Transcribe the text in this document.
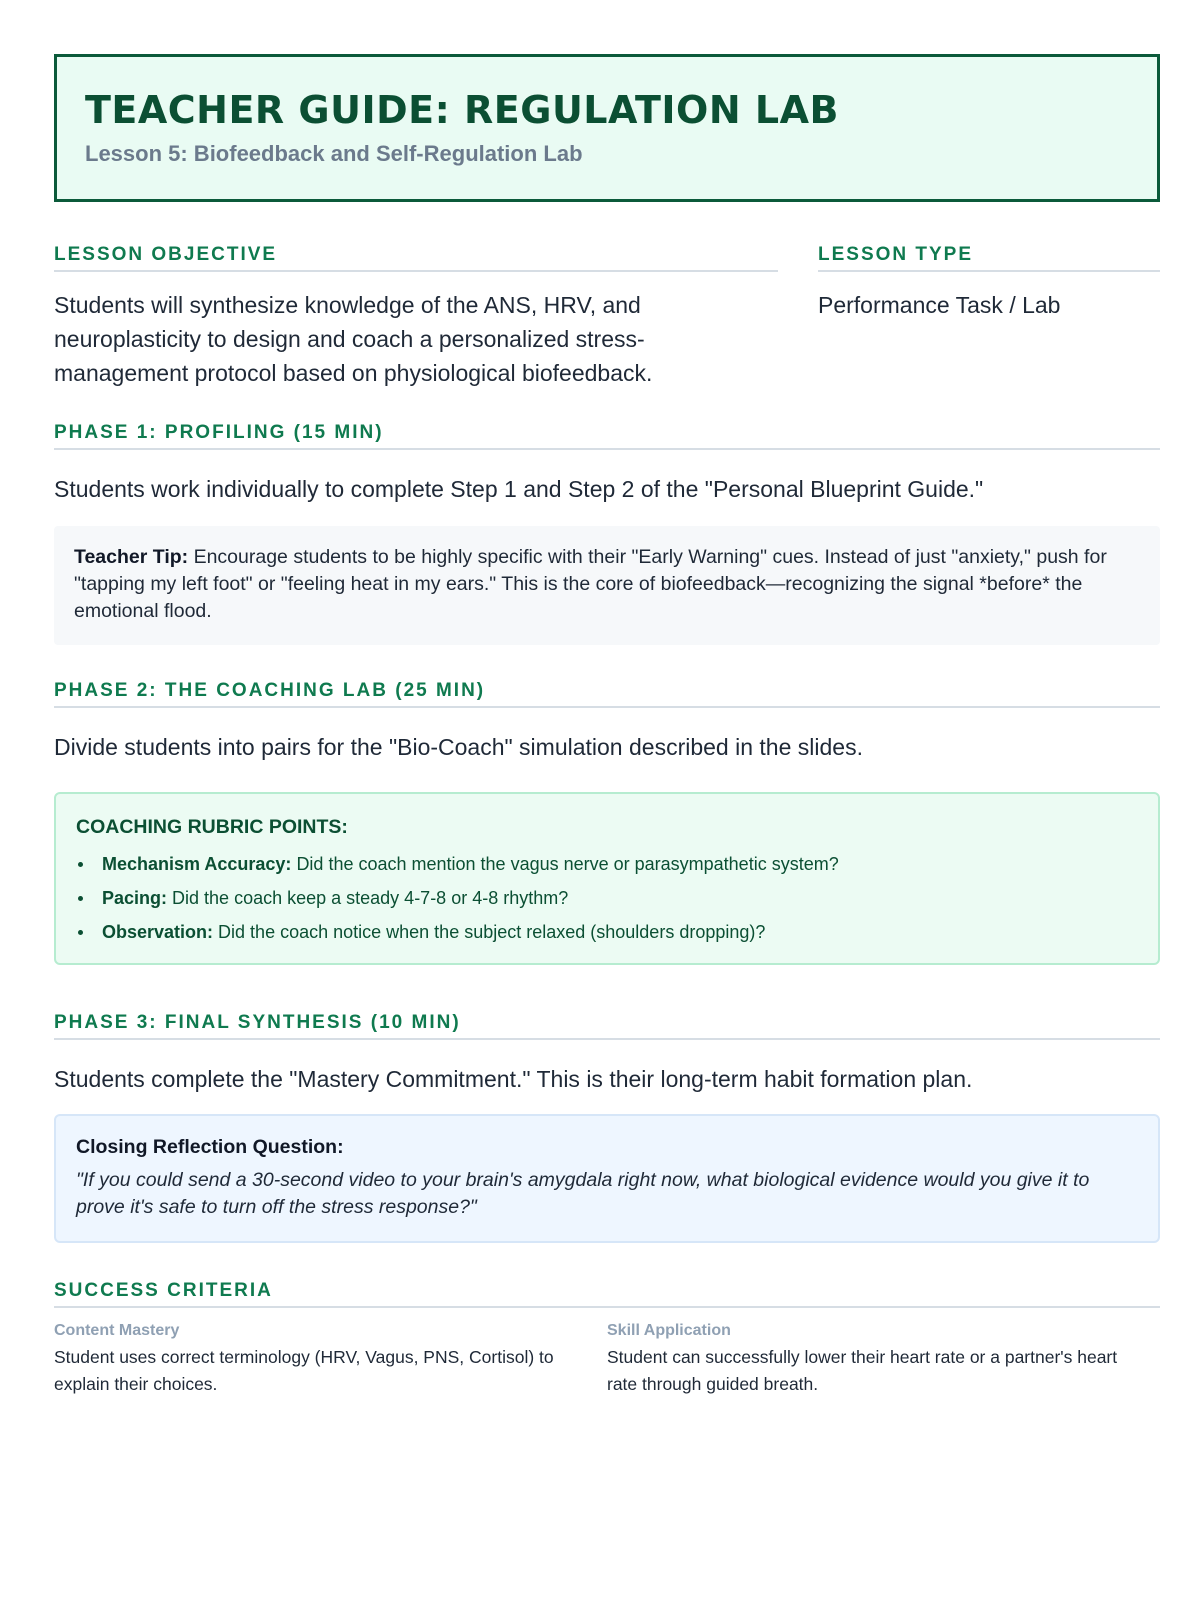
TEACHER GUIDE: REGULATION LAB
Lesson 5: Biofeedback and Self-Regulation Lab
LESSON OBJECTIVE
Students will synthesize knowledge of the ANS, HRV, and neuroplasticity to design and coach a personalized stress-management protocol based on physiological biofeedback.
LESSON TYPE
Performance Task / Lab
PHASE 1: PROFILING (15 MIN)
Students work individually to complete Step 1 and Step 2 of the "Personal Blueprint Guide."
Teacher Tip: Encourage students to be highly specific with their "Early Warning" cues. Instead of just "anxiety," push for "tapping my left foot" or "feeling heat in my ears." This is the core of biofeedback—recognizing the signal *before* the emotional flood.
PHASE 2: THE COACHING LAB (25 MIN)
Divide students into pairs for the "Bio-Coach" simulation described in the slides.
COACHING RUBRIC POINTS:
Mechanism Accuracy: Did the coach mention the vagus nerve or parasympathetic system?
Pacing: Did the coach keep a steady 4-7-8 or 4-8 rhythm?
Observation: Did the coach notice when the subject relaxed (shoulders dropping)?
PHASE 3: FINAL SYNTHESIS (10 MIN)
Students complete the "Mastery Commitment." This is their long-term habit formation plan.
Closing Reflection Question:
"If you could send a 30-second video to your brain's amygdala right now, what biological evidence would you give it to prove it's safe to turn off the stress response?"
SUCCESS CRITERIA
Content Mastery
Student uses correct terminology (HRV, Vagus, PNS, Cortisol) to explain their choices.
Skill Application
Student can successfully lower their heart rate or a partner's heart rate through guided breath.
